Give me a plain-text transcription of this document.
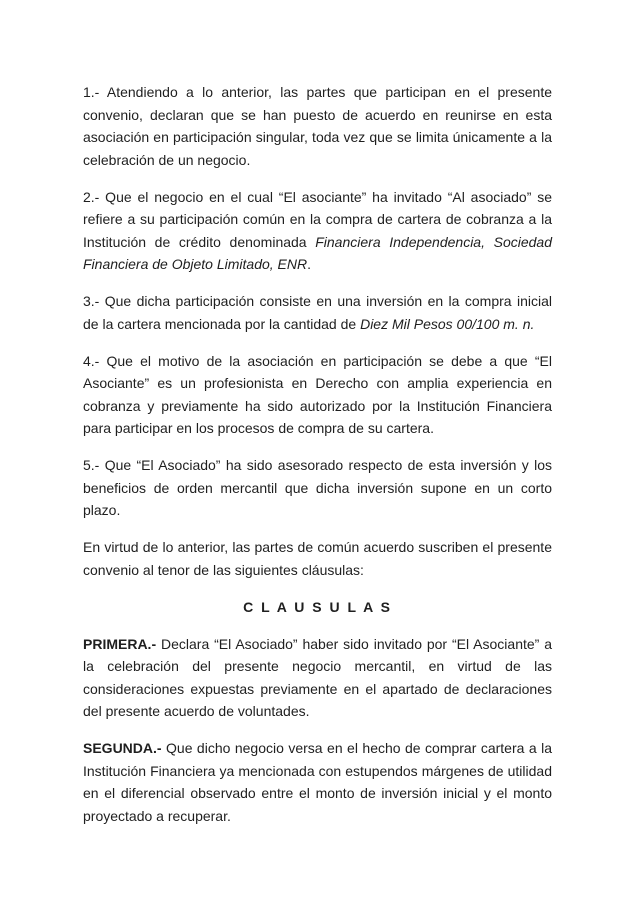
1.- Atendiendo a lo anterior, las partes que participan en el presente convenio, declaran que se han puesto de acuerdo en reunirse en esta asociación en participación singular, toda vez que se limita únicamente a la celebración de un negocio.

2.- Que el negocio en el cual “El asociante” ha invitado “Al asociado” se refiere a su participación común en la compra de cartera de cobranza a la Institución de crédito denominada Financiera Independencia, Sociedad Financiera de Objeto Limitado, ENR.

3.- Que dicha participación consiste en una inversión en la compra inicial de la cartera mencionada por la cantidad de Diez Mil Pesos 00/100 m. n.

4.- Que el motivo de la asociación en participación se debe a que “El Asociante” es un profesionista en Derecho con amplia experiencia en cobranza y previamente ha sido autorizado por la Institución Financiera para participar en los procesos de compra de su cartera.

5.- Que “El Asociado” ha sido asesorado respecto de esta inversión y los beneficios de orden mercantil que dicha inversión supone en un corto plazo.

En virtud de lo anterior, las partes de común acuerdo suscriben el presente convenio al tenor de las siguientes cláusulas:

C L A U S U L A S

PRIMERA.- Declara “El Asociado” haber sido invitado por “El Asociante” a la celebración del presente negocio mercantil, en virtud de las consideraciones expuestas previamente en el apartado de declaraciones del presente acuerdo de voluntades.

SEGUNDA.- Que dicho negocio versa en el hecho de comprar cartera a la Institución Financiera ya mencionada con estupendos márgenes de utilidad en el diferencial observado entre el monto de inversión inicial y el monto proyectado a recuperar.
